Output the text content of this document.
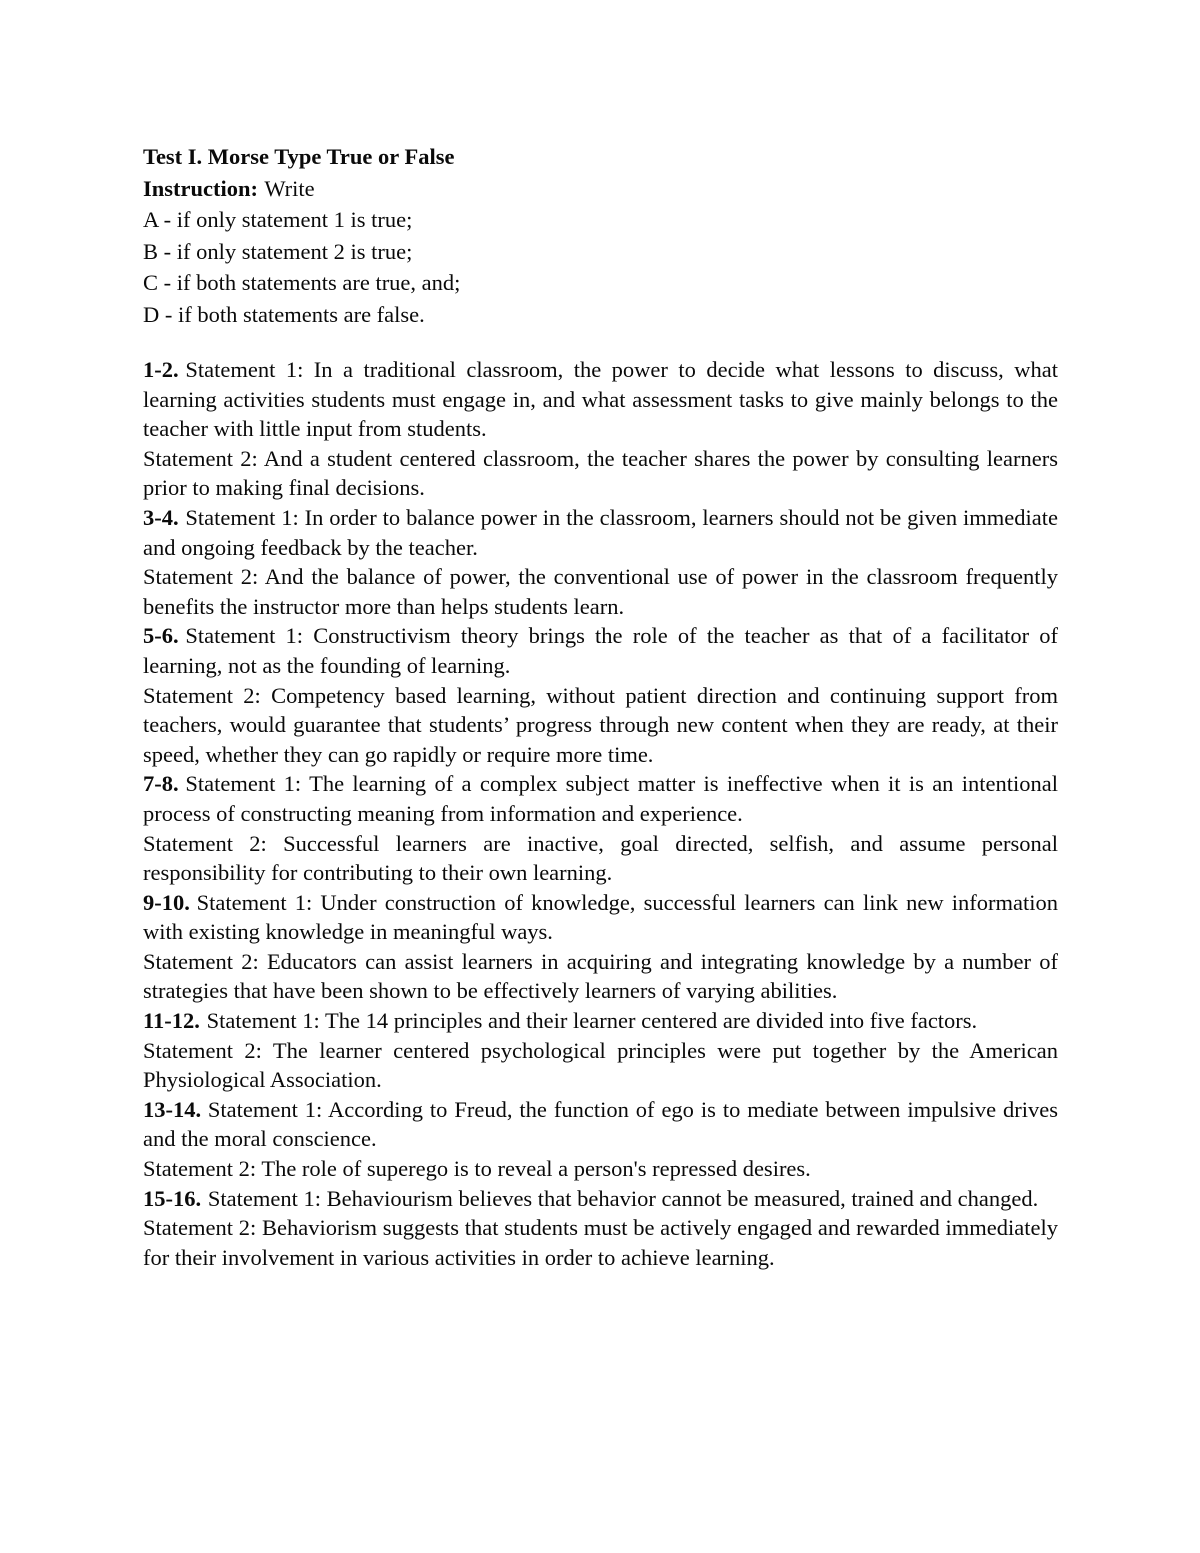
Test I. Morse Type True or False

Instruction: Write

A - if only statement 1 is true;

B - if only statement 2 is true;

C - if both statements are true, and;

D - if both statements are false.

1-2. Statement 1: In a traditional classroom, the power to decide what lessons to discuss, what learning activities students must engage in, and what assessment tasks to give mainly belongs to the teacher with little input from students.

Statement 2: And a student centered classroom, the teacher shares the power by consulting learners prior to making final decisions.

3-4. Statement 1: In order to balance power in the classroom, learners should not be given immediate and ongoing feedback by the teacher.

Statement 2: And the balance of power, the conventional use of power in the classroom frequently benefits the instructor more than helps students learn.

5-6. Statement 1: Constructivism theory brings the role of the teacher as that of a facilitator of learning, not as the founding of learning.

Statement 2: Competency based learning, without patient direction and continuing support from teachers, would guarantee that students’ progress through new content when they are ready, at their speed, whether they can go rapidly or require more time.

7-8. Statement 1: The learning of a complex subject matter is ineffective when it is an intentional process of constructing meaning from information and experience.

Statement 2: Successful learners are inactive, goal directed, selfish, and assume personal responsibility for contributing to their own learning.

9-10. Statement 1: Under construction of knowledge, successful learners can link new information with existing knowledge in meaningful ways.

Statement 2: Educators can assist learners in acquiring and integrating knowledge by a number of strategies that have been shown to be effectively learners of varying abilities.

11-12. Statement 1: The 14 principles and their learner centered are divided into five factors.

Statement 2: The learner centered psychological principles were put together by the American Physiological Association.

13-14. Statement 1: According to Freud, the function of ego is to mediate between impulsive drives and the moral conscience.

Statement 2: The role of superego is to reveal a person's repressed desires.

15-16. Statement 1: Behaviourism believes that behavior cannot be measured, trained and changed.

Statement 2: Behaviorism suggests that students must be actively engaged and rewarded immediately for their involvement in various activities in order to achieve learning.
